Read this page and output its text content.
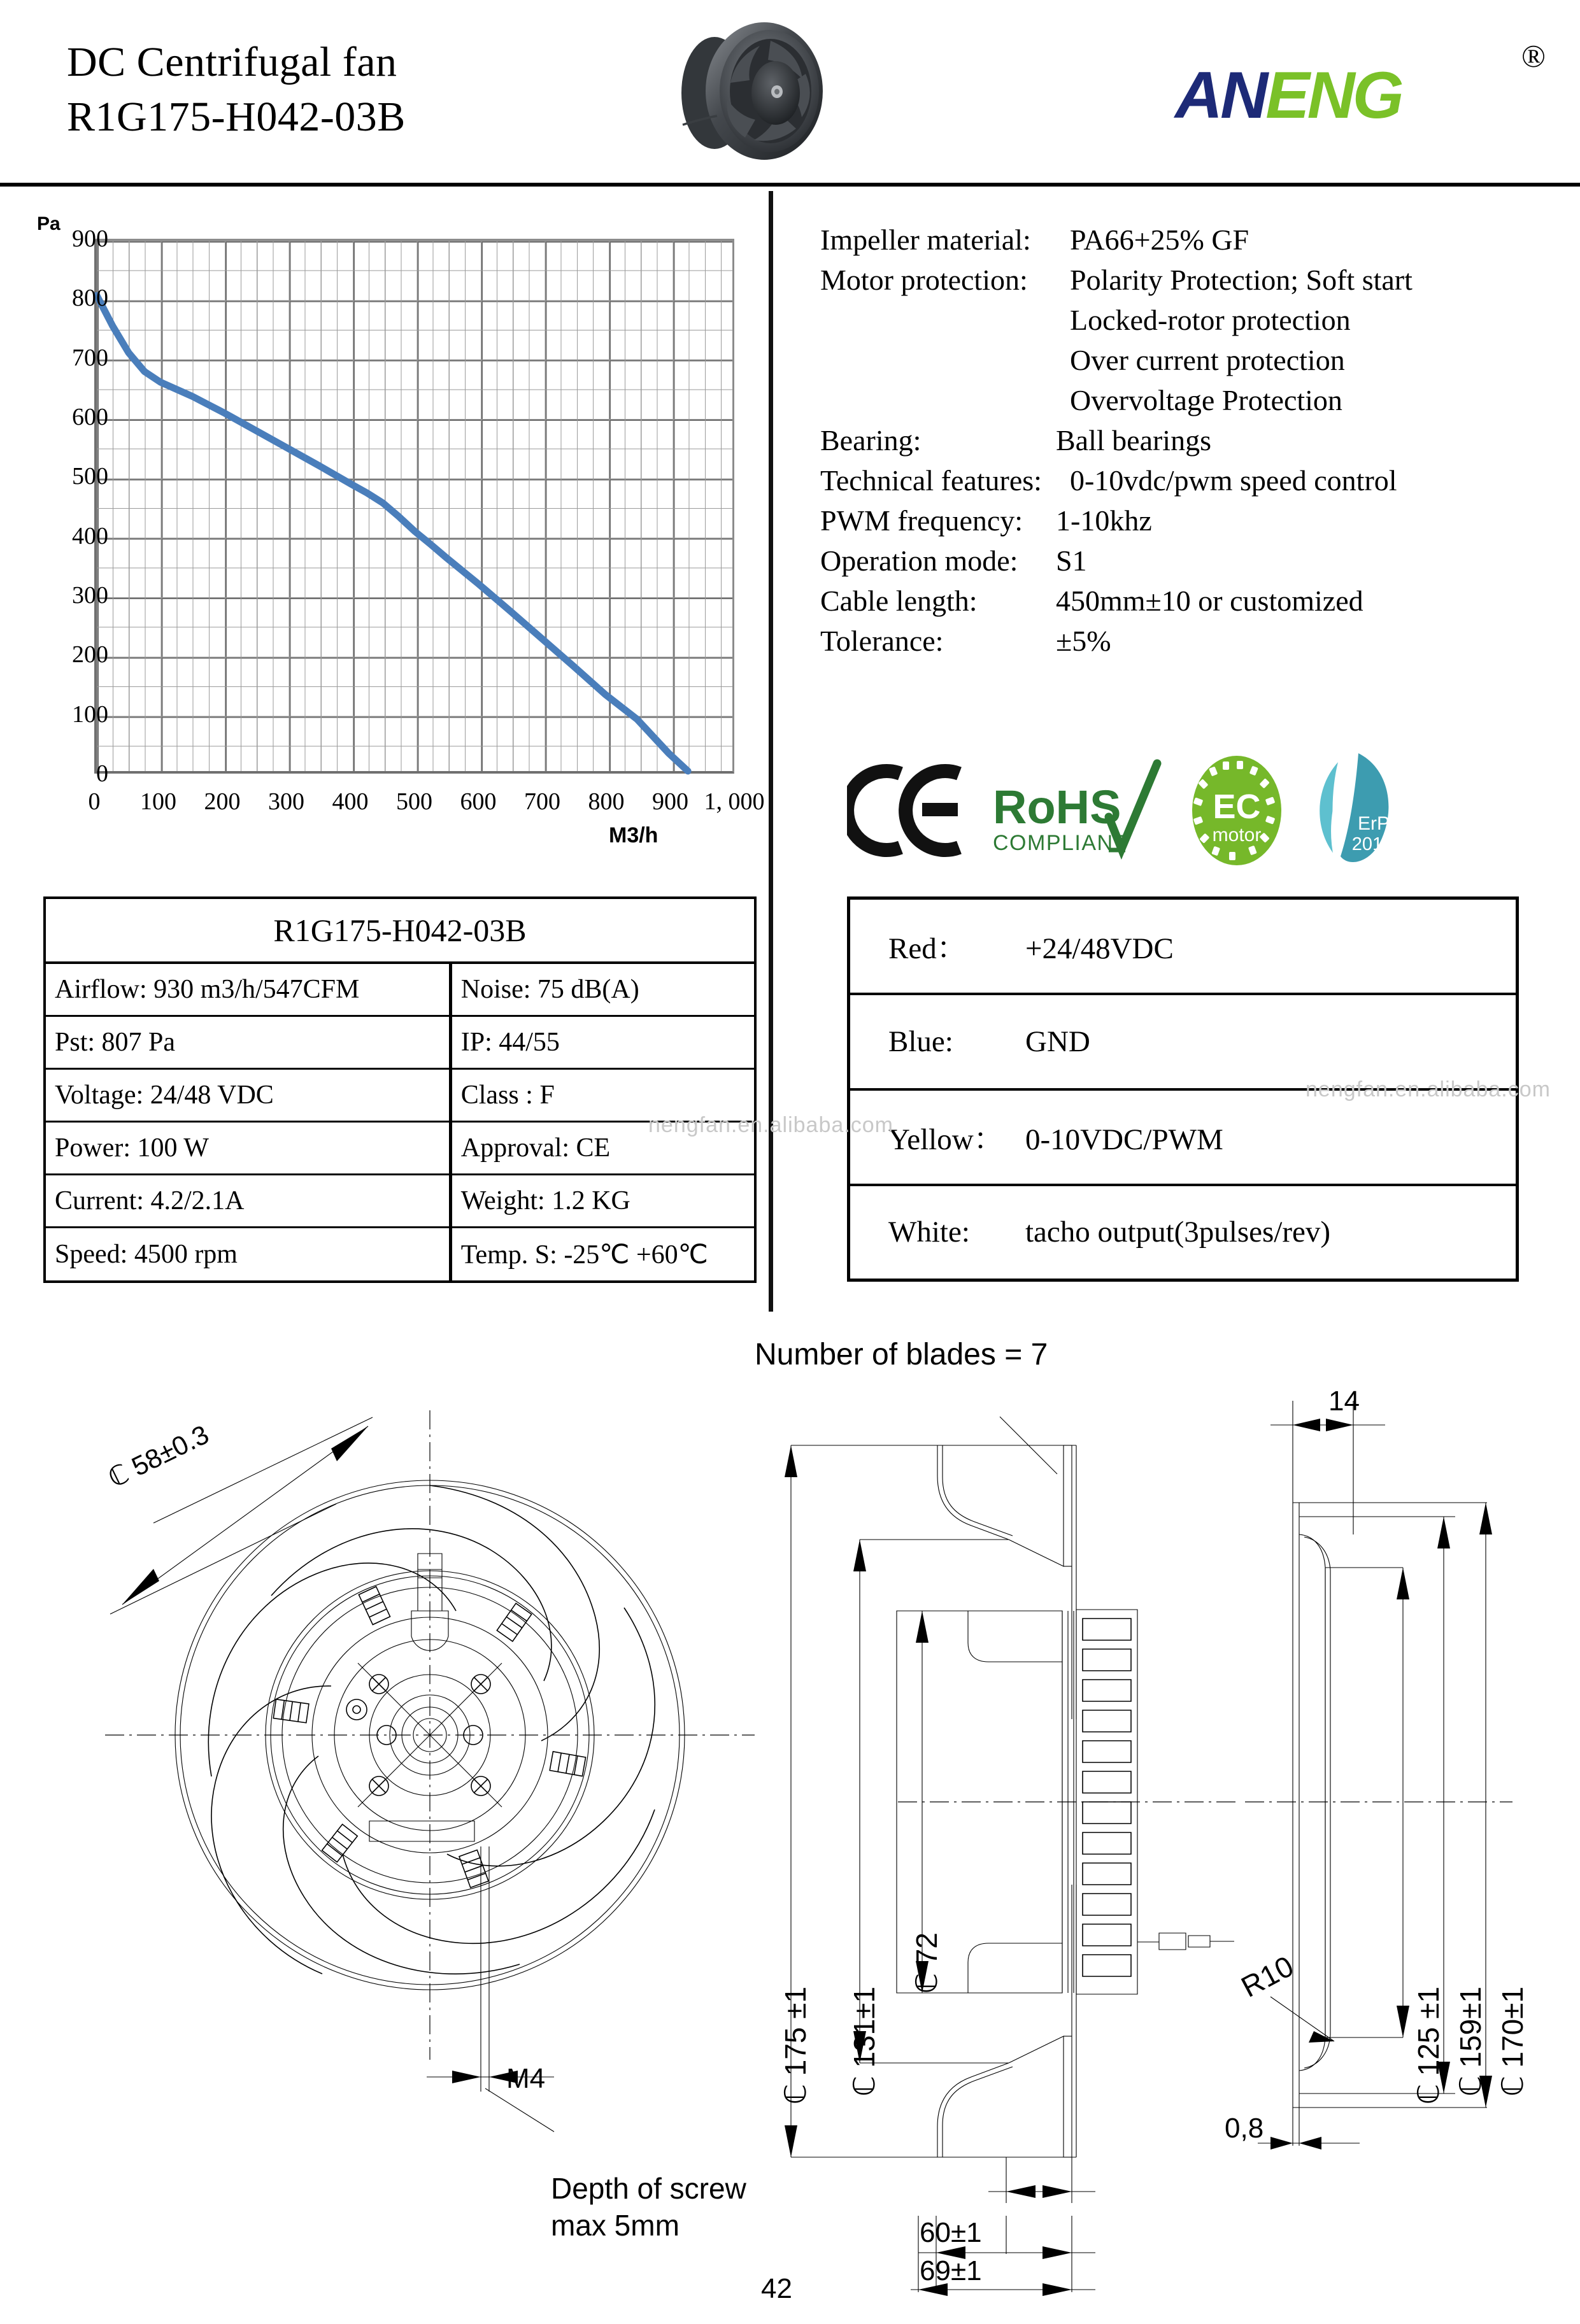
DC Centrifugal fan
R1G175-H042-03B	ANENG
®
Pa
0
100
200
300
400
500
600
700
800
900
0 100 200 300 400 500 600 700 800 900 1, 000
M3/h
Impeller material:	PA66+25% GF
Motor protection:	Polarity Protection; Soft start
Locked-rotor protection
Over current protection
Overvoltage Protection
Bearing:	Ball bearings
Technical features: 0-10vdc/pwm speed control
PWM frequency:	1-10khz
Operation mode:	S1
Cable length:	450mm±10 or customized
Tolerance:	±5%
RoHS
COMPLIANT
EC
motor
ErP
2015
R1G175-H042-03B	
Airflow: 930 m3/h/547CFM	Noise: 75 dB(A)
Pst: 807 Pa	IP: 44/55
Voltage: 24/48 VDC	Class : F
Power: 100 W	Approval: CE
Current: 4.2/2.1A	Weight: 1.2 KG
Speed: 4500 rpm	Temp. S: -25℃ +60℃
Red： +24/48VDC
Blue: GND
Yellow： 0-10VDC/PWM
White: tacho output(3pulses/rev)
nengfan.en.alibaba.com
nengfan.en.alibaba.com
ℂ 58±0.3
M4
Depth of screw
max 5mm
42
ℂ 175 ±1 ℂ 131±1
ℂ 72
Number of blades = 7
60±1
69±1
14
ℂ 125 ±1 ℂ 159±1 ℂ 170±1
R10
0,8
